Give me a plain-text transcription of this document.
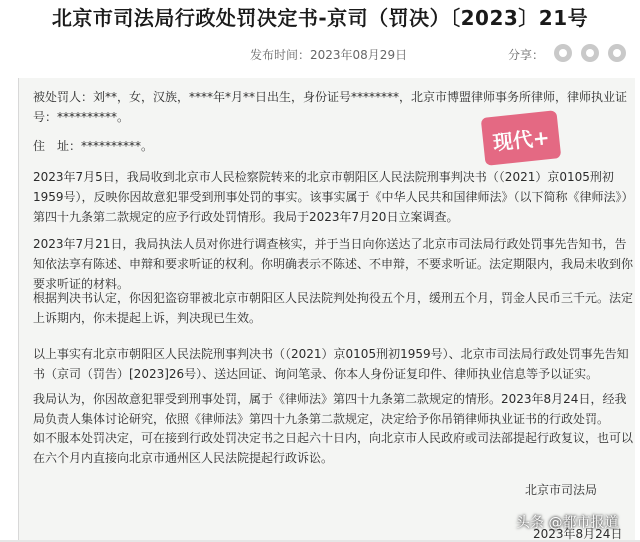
北京市司法局行政处罚决定书-京司（罚决）〔2023〕21号
发布时间：2023年08月29日	分享：

被处罚人：刘**，女，汉族，****年*月**日出生，身份证号********，北京市博盟律师事务所律师，律师执业证号：**********。

住　址：**********。

2023年7月5日，我局收到北京市人民检察院转来的北京市朝阳区人民法院刑事判决书（（2021）京0105刑初1959号），反映你因故意犯罪受到刑事处罚的事实。该事实属于《中华人民共和国律师法》（以下简称《律师法》）第四十九条第二款规定的应予行政处罚情形。我局于2023年7月20日立案调查。

2023年7月21日，我局执法人员对你进行调查核实，并于当日向你送达了北京市司法局行政处罚事先告知书，告知依法享有陈述、申辩和要求听证的权利。你明确表示不陈述、不申辩，不要求听证。法定期限内，我局未收到你要求听证的材料。

根据判决书认定，你因犯盗窃罪被北京市朝阳区人民法院判处拘役五个月，缓刑五个月，罚金人民币三千元。法定上诉期内，你未提起上诉，判决现已生效。

以上事实有北京市朝阳区人民法院刑事判决书（（2021）京0105刑初1959号）、北京市司法局行政处罚事先告知书（京司（罚告）[2023]26号）、送达回证、询问笔录、你本人身份证复印件、律师执业信息等予以证实。

我局认为，你因故意犯罪受到刑事处罚，属于《律师法》第四十九条第二款规定的情形。2023年8月24日，经我局负责人集体讨论研究，依照《律师法》第四十九条第二款规定，决定给予你吊销律师执业证书的行政处罚。

如不服本处罚决定，可在接到行政处罚决定书之日起六十日内，向北京市人民政府或司法部提起行政复议，也可以在六个月内直接向北京市通州区人民法院提起行政诉讼。

现代+
北京市司法局
2023年8月24日
头条 @都市报道
